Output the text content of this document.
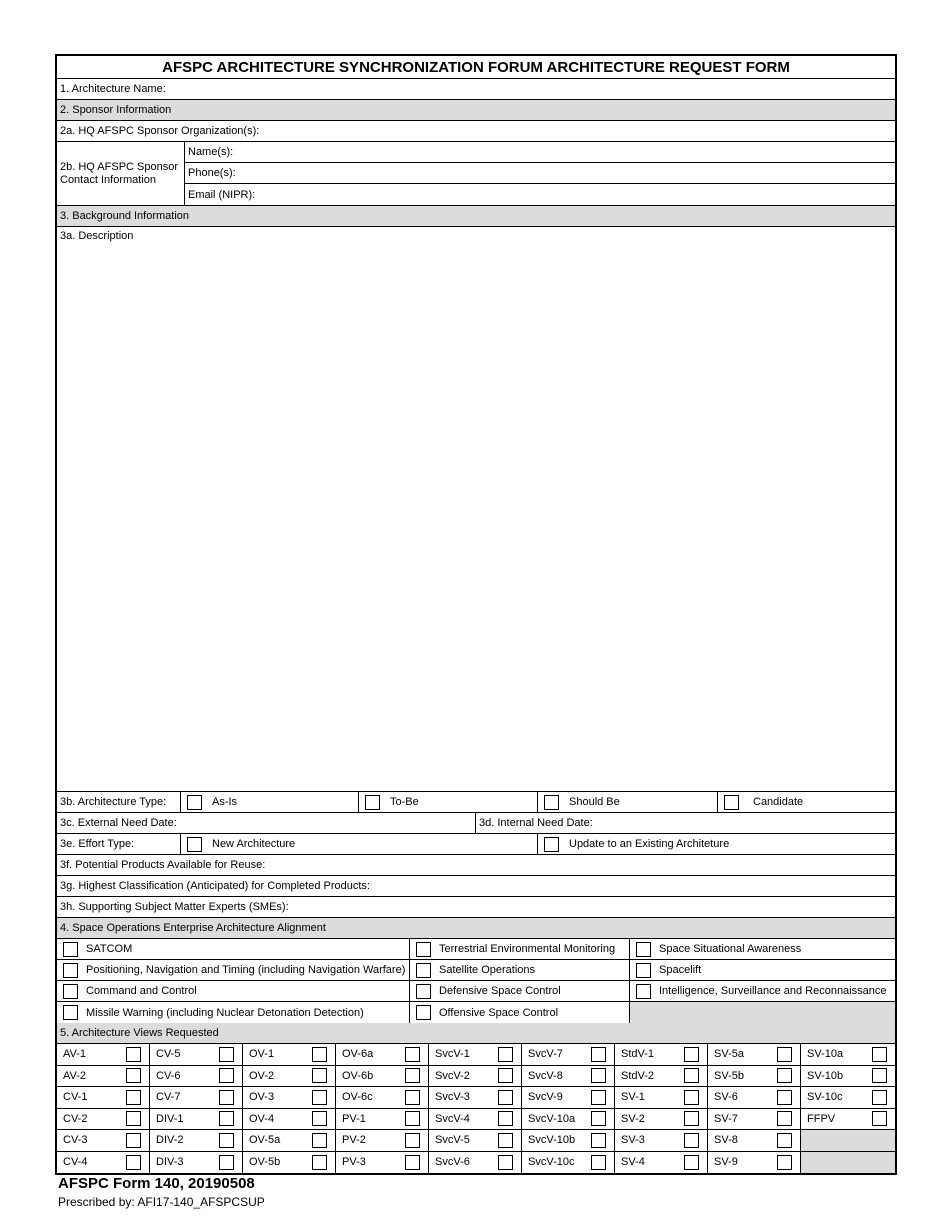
AFSPC ARCHITECTURE SYNCHRONIZATION FORUM ARCHITECTURE REQUEST FORM
1. Architecture Name:
2. Sponsor Information
2a. HQ AFSPC Sponsor Organization(s):
2b. HQ AFSPC Sponsor Contact Information
Name(s):
Phone(s):
Email (NIPR):
3. Background Information
3a. Description
3b. Architecture Type:	As-Is	To-Be	Should Be	Candidate
3c. External Need Date:	3d. Internal Need Date:
3e. Effort Type:	New Architecture	Update to an Existing Architeture
3f. Potential Products Available for Reuse:
3g. Highest Classification (Anticipated) for Completed Products:
3h. Supporting Subject Matter Experts (SMEs):
4. Space Operations Enterprise Architecture Alignment
SATCOM	Terrestrial Environmental Monitoring	Space Situational Awareness
Positioning, Navigation and Timing (including Navigation Warfare)	Satellite Operations	Spacelift
Command and Control	Defensive Space Control	Intelligence, Surveillance and Reconnaissance
Missile Warning (including Nuclear Detonation Detection)	Offensive Space Control
5. Architecture Views Requested
AV-1	CV-5	OV-1	OV-6a	SvcV-1	SvcV-7	StdV-1	SV-5a	SV-10a
AV-2	CV-6	OV-2	OV-6b	SvcV-2	SvcV-8	StdV-2	SV-5b	SV-10b
CV-1	CV-7	OV-3	OV-6c	SvcV-3	SvcV-9	SV-1	SV-6	SV-10c
CV-2	DIV-1	OV-4	PV-1	SvcV-4	SvcV-10a	SV-2	SV-7	FFPV
CV-3	DIV-2	OV-5a	PV-2	SvcV-5	SvcV-10b	SV-3	SV-8
CV-4	DIV-3	OV-5b	PV-3	SvcV-6	SvcV-10c	SV-4	SV-9
AFSPC Form 140, 20190508
Prescribed by: AFI17-140_AFSPCSUP
